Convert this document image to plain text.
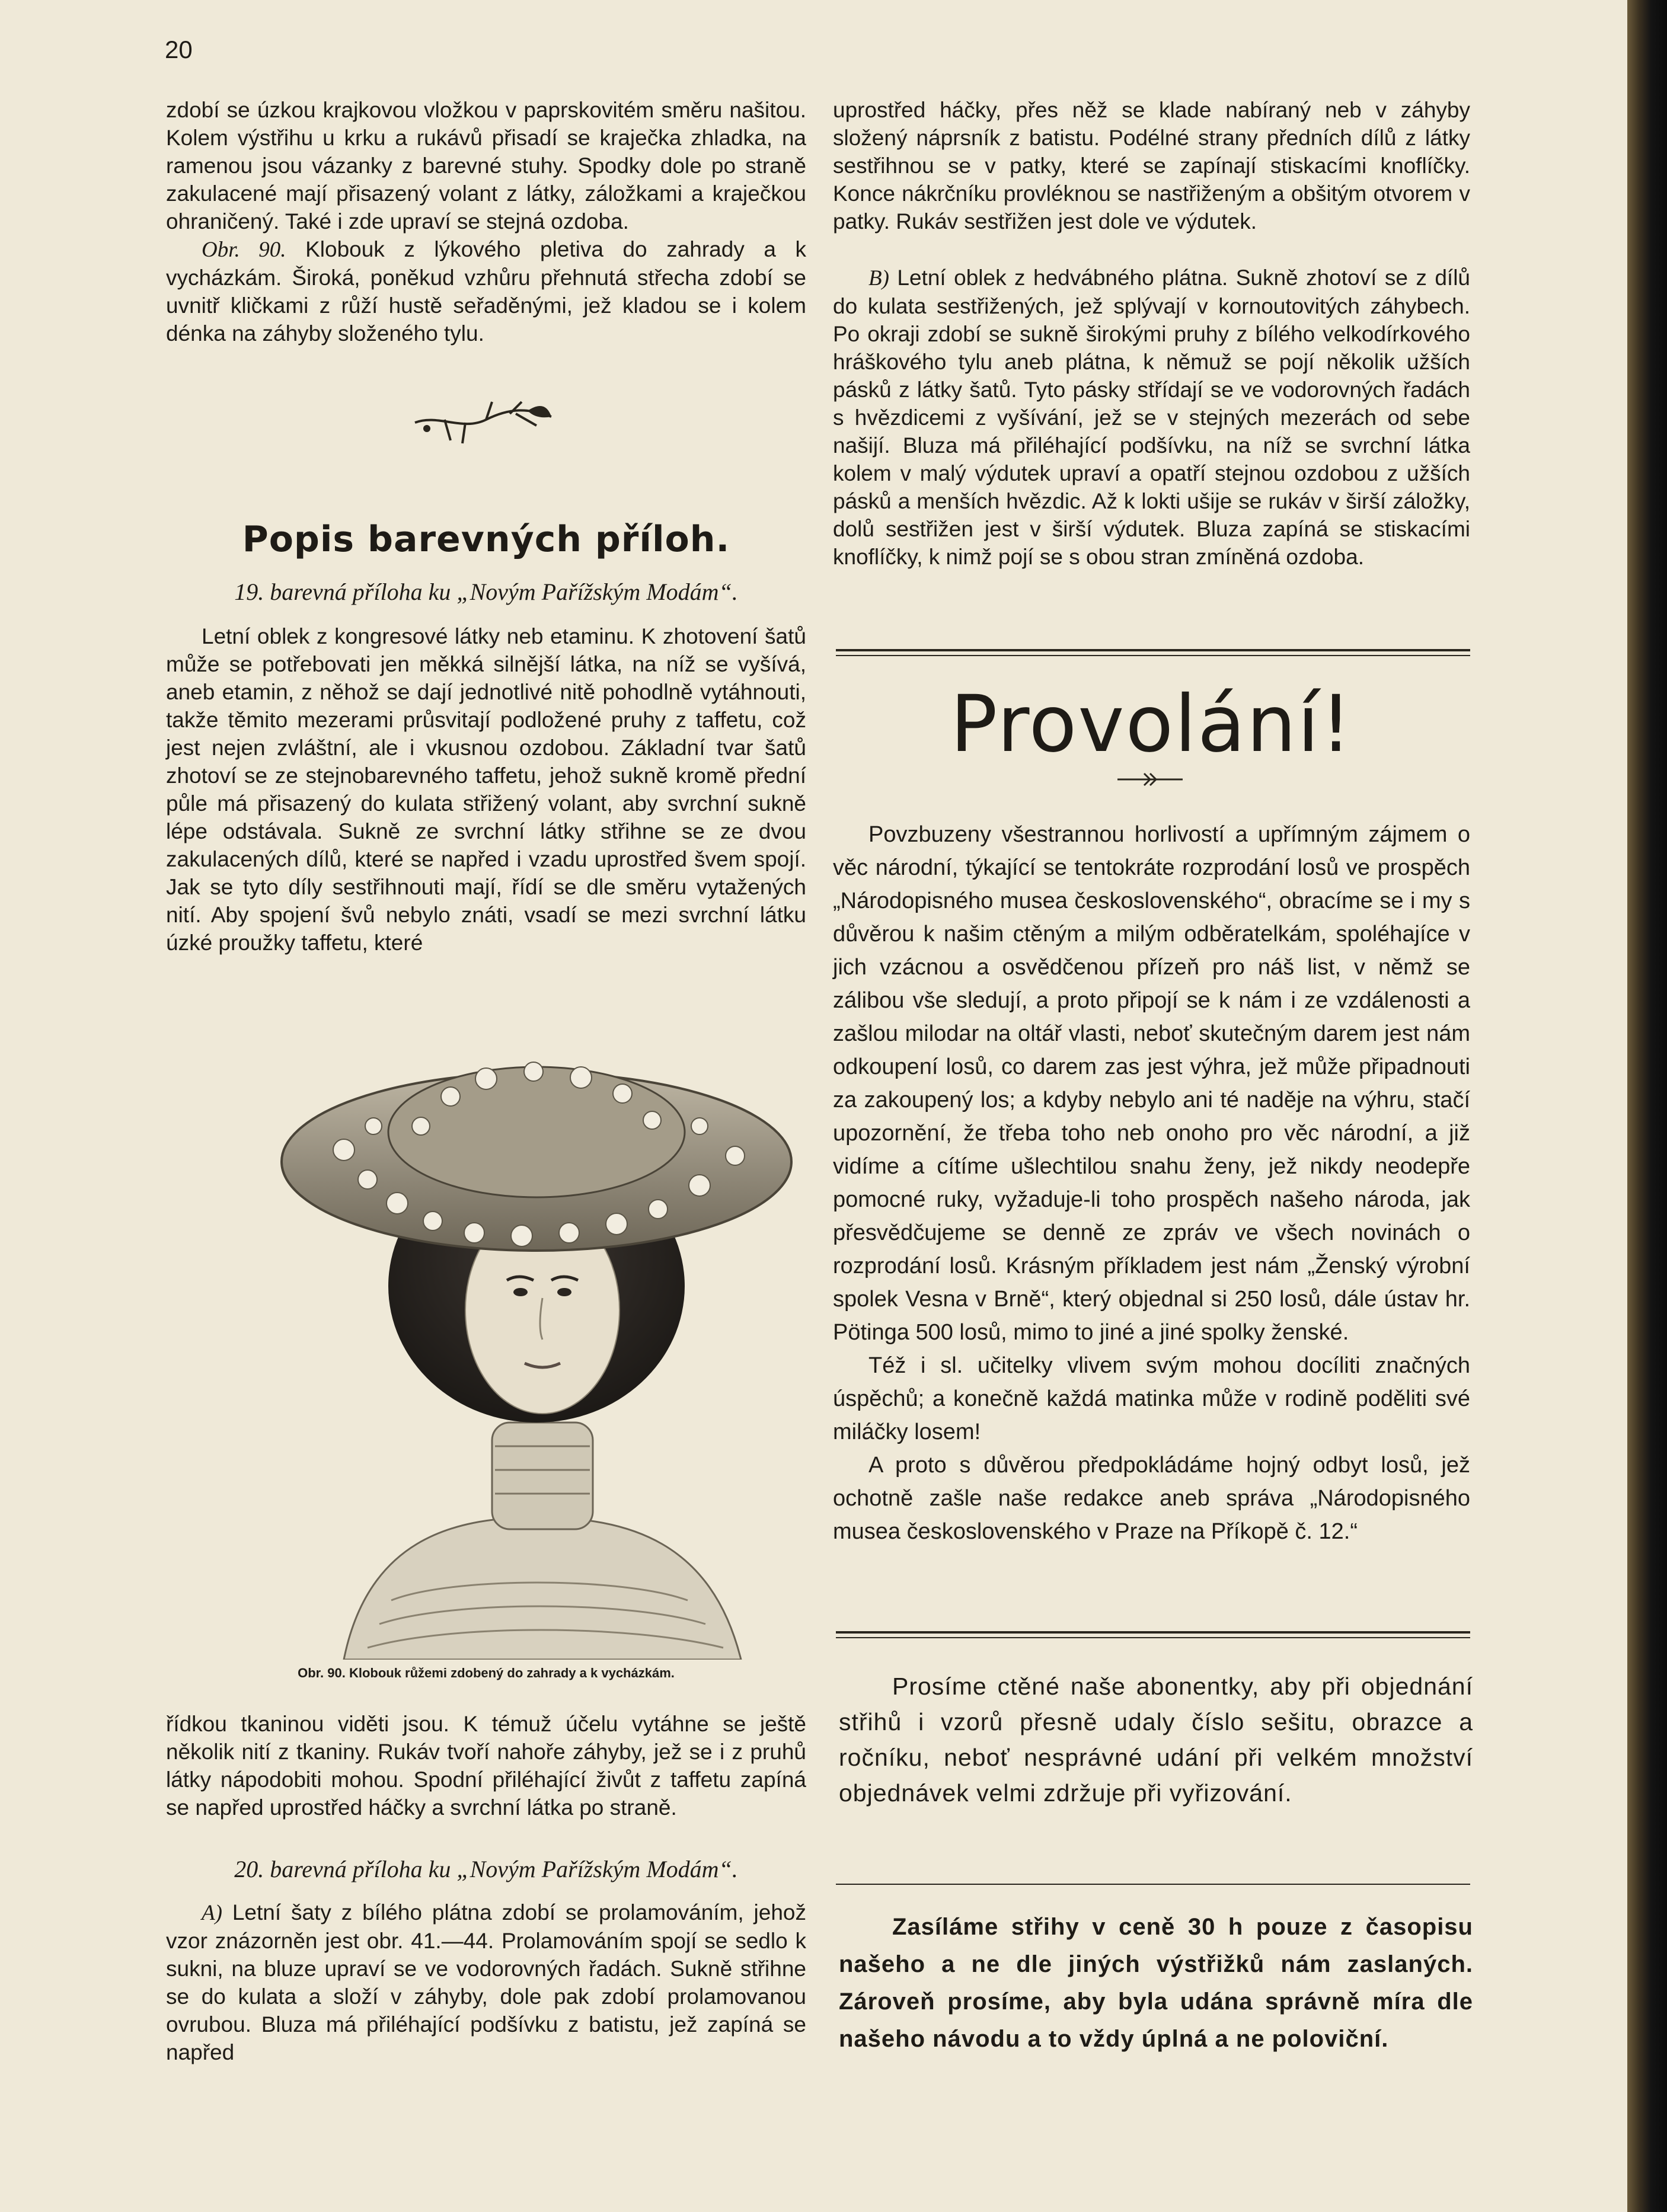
20

zdobí se úzkou krajkovou vložkou v paprskovitém směru našitou. Kolem výstřihu u krku a rukávů přisadí se kraječka zhladka, na ramenou jsou vázanky z barevné stuhy. Spodky dole po straně zakulacené mají přisazený volant z látky, záložkami a kraječkou ohraničený. Také i zde upraví se stejná ozdoba.

Obr. 90. Klobouk z lýkového pletiva do zahrady a k vycházkám. Široká, poněkud vzhůru přehnutá střecha zdobí se uvnitř kličkami z růží hustě seřaděnými, jež kladou se i kolem dénka na záhyby složeného tylu.

Popis barevných příloh.
19. barevná příloha ku „Novým Pařížským Modám“.
Letní oblek z kongresové látky neb etaminu. K zhotovení šatů může se potřebovati jen měkká silnější látka, na níž se vyšívá, aneb etamin, z něhož se dají jednotlivé nitě pohodlně vytáhnouti, takže těmito mezerami průsvitají podložené pruhy z taffetu, což jest nejen zvláštní, ale i vkusnou ozdobou. Základní tvar šatů zhotoví se ze stejnobarevného taffetu, jehož sukně kromě přední půle má přisazený do kulata střižený volant, aby svrchní sukně lépe odstávala. Sukně ze svrchní látky střihne se ze dvou zakulacených dílů, které se napřed i vzadu uprostřed švem spojí. Jak se tyto díly sestřihnouti mají, řídí se dle směru vytažených nití. Aby spojení švů nebylo znáti, vsadí se mezi svrchní látku úzké proužky taffetu, které
Obr. 90. Klobouk růžemi zdobený do zahrady a k vycházkám.
řídkou tkaninou viděti jsou. K témuž účelu vytáhne se ještě několik nití z tkaniny. Rukáv tvoří nahoře záhyby, jež se i z pruhů látky nápodobiti mohou. Spodní přiléhající živůt z taffetu zapíná se napřed uprostřed háčky a svrchní látka po straně.
20. barevná příloha ku „Novým Pařížským Modám“.
A) Letní šaty z bílého plátna zdobí se prolamováním, jehož vzor znázorněn jest obr. 41.—44. Prolamováním spojí se sedlo k sukni, na bluze upraví se ve vodorovných řadách. Sukně střihne se do kulata a složí v záhyby, dole pak zdobí prolamovanou ovrubou. Bluza má přiléhající podšívku z batistu, jež zapíná se napřed
uprostřed háčky, přes něž se klade nabíraný neb v záhyby složený náprsník z batistu. Podélné strany předních dílů z látky sestřihnou se v patky, které se zapínají stiskacími knoflíčky. Konce nákrčníku provléknou se nastřiženým a obšitým otvorem v patky. Rukáv sestřižen jest dole ve výdutek.
B) Letní oblek z hedvábného plátna. Sukně zhotoví se z dílů do kulata sestřižených, jež splývají v kornoutovitých záhybech. Po okraji zdobí se sukně širokými pruhy z bílého velkodírkového hráškového tylu aneb plátna, k němuž se pojí několik užších pásků z látky šatů. Tyto pásky střídají se ve vodorovných řadách s hvězdicemi z vyšívání, jež se v stejných mezerách od sebe našijí. Bluza má přiléhající podšívku, na níž se svrchní látka kolem v malý výdutek upraví a opatří stejnou ozdobou z užších pásků a menších hvězdic. Až k lokti ušije se rukáv v širší záložky, dolů sestřižen jest v širší výdutek. Bluza zapíná se stiskacími knoflíčky, k nimž pojí se s obou stran zmíněná ozdoba.
Provolání!

Povzbuzeny všestrannou horlivostí a upřímným zájmem o věc národní, týkající se tentokráte rozprodání losů ve prospěch „Národopisného musea československého“, obracíme se i my s důvěrou k našim ctěným a milým odběratelkám, spoléhajíce v jich vzácnou a osvědčenou přízeň pro náš list, v němž se zálibou vše sledují, a proto připojí se k nám i ze vzdálenosti a zašlou milodar na oltář vlasti, neboť skutečným darem jest nám odkoupení losů, co darem zas jest výhra, jež může připadnouti za zakoupený los; a kdyby nebylo ani té naděje na výhru, stačí upozornění, že třeba toho neb onoho pro věc národní, a již vidíme a cítíme ušlechtilou snahu ženy, jež nikdy neodepře pomocné ruky, vyžaduje-li toho prospěch našeho národa, jak přesvědčujeme se denně ze zpráv ve všech novinách o rozprodání losů. Krásným příkladem jest nám „Ženský výrobní spolek Vesna v Brně“, který objednal si 250 losů, dále ústav hr. Pötinga 500 losů, mimo to jiné a jiné spolky ženské.

Též i sl. učitelky vlivem svým mohou docíliti značných úspěchů; a konečně každá matinka může v rodině poděliti své miláčky losem!

A proto s důvěrou předpokládáme hojný odbyt losů, jež ochotně zašle naše redakce aneb správa „Národopisného musea československého v Praze na Příkopě č. 12.“

Prosíme ctěné naše abonentky, aby při objednání střihů i vzorů přesně udaly číslo sešitu, obrazce a ročníku, neboť nesprávné udání při velkém množství objednávek velmi zdržuje při vyřizování.
Zasíláme střihy v ceně 30 h pouze z časopisu našeho a ne dle jiných výstřižků nám zaslaných. Zároveň prosíme, aby byla udána správně míra dle našeho návodu a to vždy úplná a ne poloviční.
